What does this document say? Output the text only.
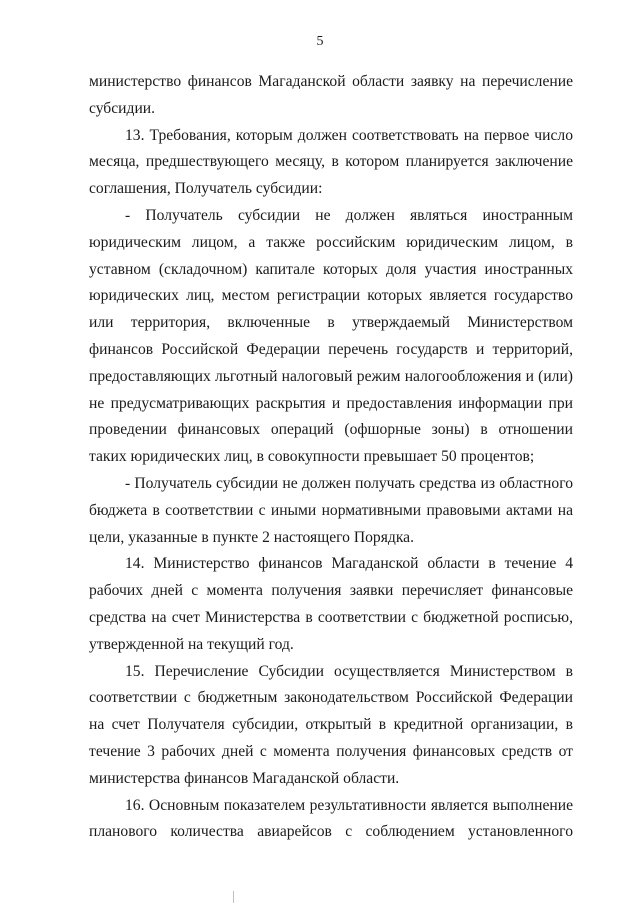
5

министерство финансов Магаданской области заявку на перечисление субсидии.

13. Требования, которым должен соответствовать на первое число месяца, предшествующего месяцу, в котором планируется заключение соглашения, Получатель субсидии:

- Получатель субсидии не должен являться иностранным юридическим лицом, а также российским юридическим лицом, в уставном (складочном) капитале которых доля участия иностранных юридических лиц, местом регистрации которых является государство или территория, включенные в утверждаемый Министерством финансов Российской Федерации перечень государств и территорий, предоставляющих льготный налоговый режим налогообложения и (или) не предусматривающих раскрытия и предоставления информации при проведении финансовых операций (офшорные зоны) в отношении таких юридических лиц, в совокупности превышает 50 процентов;

- Получатель субсидии не должен получать средства из областного бюджета в соответствии с иными нормативными правовыми актами на цели, указанные в пункте 2 настоящего Порядка.

14. Министерство финансов Магаданской области в течение 4 рабочих дней с момента получения заявки перечисляет финансовые средства на счет Министерства в соответствии с бюджетной росписью, утвержденной на текущий год.

15. Перечисление Субсидии осуществляется Министерством в соответствии с бюджетным законодательством Российской Федерации на счет Получателя субсидии, открытый в кредитной организации, в течение 3 рабочих дней с момента получения финансовых средств от министерства финансов Магаданской области.

16. Основным показателем результативности является выполнение планового количества авиарейсов с соблюдением установленного
